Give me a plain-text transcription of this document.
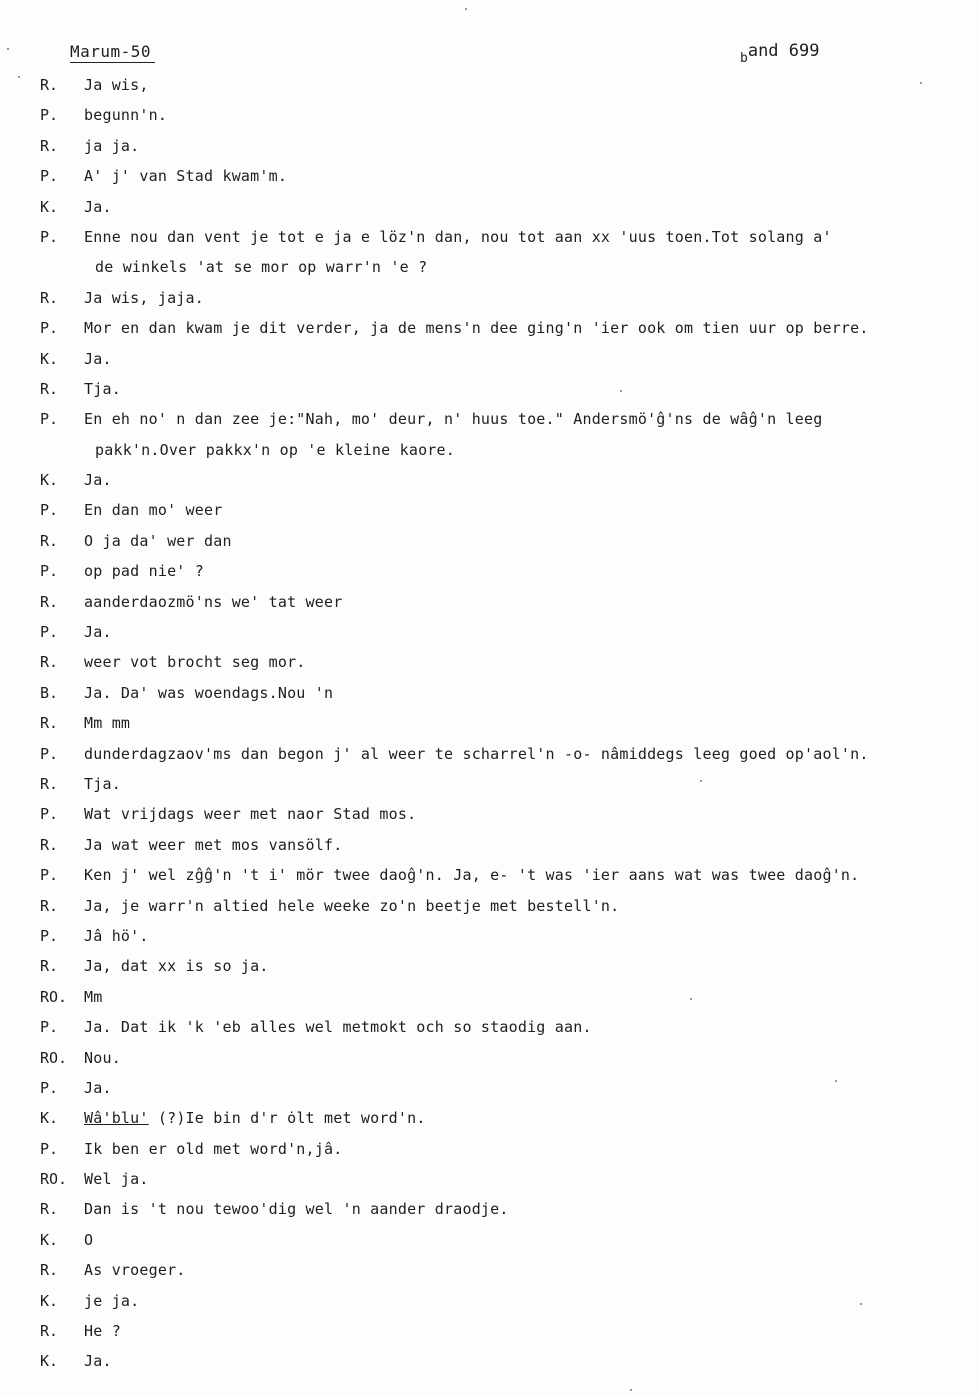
Marum-50	$_b$and 699
R. Ja wis,
P. begunn'n.
R. ja ja.
P. A' j' van Stad kwam'm.
K. Ja.
P. Enne nou dan vent je tot e ja e löz'n dan, nou tot aan xx 'uus toen.Tot solang a'
de winkels 'at se mor op warr'n 'e ?
R. Ja wis, jaja.
P. Mor en dan kwam je dit verder, ja de mens'n dee ging'n 'ier ook om tien uur op berre.
K. Ja.
R. Tja.
P. En eh no' n dan zee je:"Nah, mo' deur, n' huus toe." Andersmö'ĝ'ns de wâĝ'n leeg
pakk'n.Over pakkx'n op 'e kleine kaore.
K. Ja.
P. En dan mo' weer
R. O ja da' wer dan
P. op pad nie' ?
R. aanderdaozmö'ns we' tat weer
P. Ja.
R. weer vot brocht seg mor.
B. Ja. Da' was woendags.Nou 'n
R. Mm mm
P. dunderdagzaov'ms dan begon j' al weer te scharrel'n -o- nâmiddegs leeg goed op'aol'n.
R. Tja.
P. Wat vrijdags weer met naor Stad mos.
R. Ja wat weer met mos vansölf.
P. Ken j' wel zĝĝ'n 't i' mör twee daoĝ'n. Ja, e- 't was 'ier aans wat was twee daoĝ'n.
R. Ja, je warr'n altied hele weeke zo'n beetje met bestell'n.
P. Jâ hö'.
R. Ja, dat xx is so ja.
RO. Mm
P. Ja. Dat ik 'k 'eb alles wel metmokt och so staodig aan.
RO. Nou.
P. Ja.
K. Wâ'blu' (?)Ie bin d'r ȯlt met word'n.
P. Ik ben er old met word'n,jâ.
RO. Wel ja.
R. Dan is 't nou tewoo'dig wel 'n aander draodje.
K. O
R. As vroeger.
K. je ja.
R. He ?
K. Ja.
